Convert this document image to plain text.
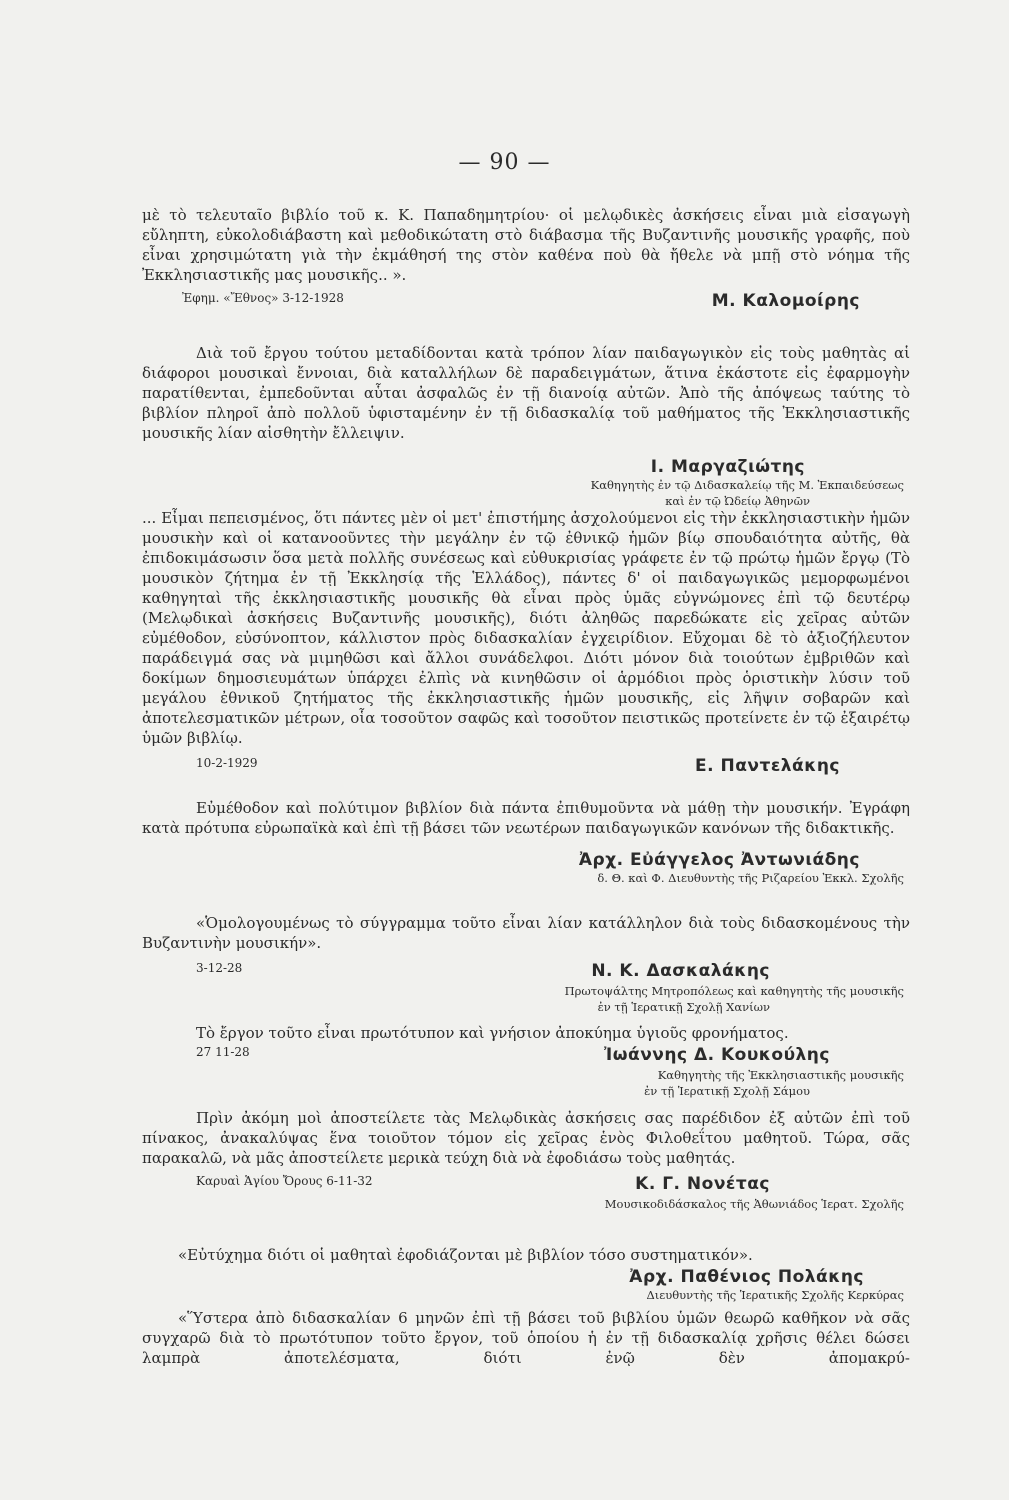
— 90 —

μὲ τὸ τελευταῖο βιβλίο τοῦ κ. Κ. Παπαδημητρίου· οἱ μελῳδικὲς ἀσκήσεις εἶναι μιὰ εἰσαγωγὴ εὔληπτη, εὐκολοδιάβαστη καὶ μεθοδικώτατη στὸ διάβασμα τῆς Βυζαντινῆς μουσικῆς γραφῆς, ποὺ εἶναι χρησιμώτατη γιὰ τὴν ἐκμάθησή της στὸν καθένα ποὺ θὰ ἤθελε νὰ μπῇ στὸ νόημα τῆς Ἐκκλησιαστικῆς μας μουσικῆς.. ».

Ἐφημ. «Ἔθνος» 3-12-1928	Μ. Καλομοίρης

Διὰ τοῦ ἔργου τούτου μεταδίδονται κατὰ τρόπον λίαν παιδαγωγικὸν εἰς τοὺς μαθητὰς αἱ διάφοροι μουσικαὶ ἔννοιαι, διὰ καταλλήλων δὲ παραδειγμάτων, ἅτινα ἑκάστοτε εἰς ἐφαρμογὴν παρατίθενται, ἐμπεδοῦνται αὗται ἀσφαλῶς ἐν τῇ διανοίᾳ αὐτῶν. Ἀπὸ τῆς ἀπόψεως ταύτης τὸ βιβλίον πληροῖ ἀπὸ πολλοῦ ὑφισταμένην ἐν τῇ διδασκαλίᾳ τοῦ μαθήματος τῆς Ἐκκλησιαστικῆς μουσικῆς λίαν αἰσθητὴν ἔλλειψιν.

Ι. Μαργαζιώτης
Καθηγητὴς ἐν τῷ Διδασκαλείῳ τῆς Μ. Ἐκπαιδεύσεως
καὶ ἐν τῷ Ὠδείῳ Ἀθηνῶν

... Εἶμαι πεπεισμένος, ὅτι πάντες μὲν οἱ μετ' ἐπιστήμης ἀσχολούμενοι εἰς τὴν ἐκκλησιαστικὴν ἡμῶν μουσικὴν καὶ οἱ κατανοοῦντες τὴν μεγάλην ἐν τῷ ἐθνικῷ ἡμῶν βίῳ σπουδαιότητα αὐτῆς, θὰ ἐπιδοκιμάσωσιν ὅσα μετὰ πολλῆς συνέσεως καὶ εὐθυκρισίας γράφετε ἐν τῷ πρώτῳ ἡμῶν ἔργῳ (Τὸ μουσικὸν ζήτημα ἐν τῇ Ἐκκλησίᾳ τῆς Ἑλλάδος), πάντες δ' οἱ παιδαγωγικῶς μεμορφωμένοι καθηγηταὶ τῆς ἐκκλησιαστικῆς μουσικῆς θὰ εἶναι πρὸς ὑμᾶς εὐγνώμονες ἐπὶ τῷ δευτέρῳ (Μελῳδικαὶ ἀσκήσεις Βυζαντινῆς μουσικῆς), διότι ἀληθῶς παρεδώκατε εἰς χεῖρας αὐτῶν εὐμέθοδον, εὐσύνοπτον, κάλλιστον πρὸς διδασκαλίαν ἐγχειρίδιον. Εὔχομαι δὲ τὸ ἀξιοζήλευτον παράδειγμά σας νὰ μιμηθῶσι καὶ ἄλλοι συνάδελφοι. Διότι μόνον διὰ τοιούτων ἐμβριθῶν καὶ δοκίμων δημοσιευμάτων ὑπάρχει ἐλπὶς νὰ κινηθῶσιν οἱ ἁρμόδιοι πρὸς ὁριστικὴν λύσιν τοῦ μεγάλου ἐθνικοῦ ζητήματος τῆς ἐκκλησιαστικῆς ἡμῶν μουσικῆς, εἰς λῆψιν σοβαρῶν καὶ ἀποτελεσματικῶν μέτρων, οἷα τοσοῦτον σαφῶς καὶ τοσοῦτον πειστικῶς προτείνετε ἐν τῷ ἐξαιρέτῳ ὑμῶν βιβλίῳ.

10-2-1929	Ε. Παντελάκης

Εὐμέθοδον καὶ πολύτιμον βιβλίον διὰ πάντα ἐπιθυμοῦντα νὰ μάθῃ τὴν μουσικήν. Ἐγράφη κατὰ πρότυπα εὐρωπαϊκὰ καὶ ἐπὶ τῇ βάσει τῶν νεωτέρων παιδαγωγικῶν κανόνων τῆς διδακτικῆς.

Ἀρχ. Εὐάγγελος Ἀντωνιάδης
δ. Θ. καὶ Φ. Διευθυντὴς τῆς Ριζαρείου Ἐκκλ. Σχολῆς

«Ὁμολογουμένως τὸ σύγγραμμα τοῦτο εἶναι λίαν κατάλληλον διὰ τοὺς διδασκομένους τὴν Βυζαντινὴν μουσικήν».

3-12-28	Ν. Κ. Δασκαλάκης
Πρωτοψάλτης Μητροπόλεως καὶ καθηγητὴς τῆς μουσικῆς
ἐν τῇ Ἱερατικῇ Σχολῇ Χανίων

Τὸ ἔργον τοῦτο εἶναι πρωτότυπον καὶ γνήσιον ἀποκύημα ὑγιοῦς φρονήματος.

27 11-28	Ἰωάννης Δ. Κουκούλης
Καθηγητὴς τῆς Ἐκκλησιαστικῆς μουσικῆς
ἐν τῇ Ἱερατικῇ Σχολῇ Σάμου

Πρὶν ἀκόμη μοὶ ἀποστείλετε τὰς Μελῳδικὰς ἀσκήσεις σας παρέδιδον ἐξ αὐτῶν ἐπὶ τοῦ πίνακος, ἀνακαλύψας ἕνα τοιοῦτον τόμον εἰς χεῖρας ἑνὸς Φιλοθεΐτου μαθητοῦ. Τώρα, σᾶς παρακαλῶ, νὰ μᾶς ἀποστείλετε μερικὰ τεύχη διὰ νὰ ἐφοδιάσω τοὺς μαθητάς.

Καρυαὶ Ἁγίου Ὄρους 6-11-32	Κ. Γ. Νονέτας
Μουσικοδιδάσκαλος τῆς Ἀθωνιάδος Ἱερατ. Σχολῆς

«Εὐτύχημα διότι οἱ μαθηταὶ ἐφοδιάζονται μὲ βιβλίον τόσο συστηματικόν».

Ἀρχ. Παθένιος Πολάκης
Διευθυντὴς τῆς Ἱερατικῆς Σχολῆς Κερκύρας

«Ὕστερα ἀπὸ διδασκαλίαν 6 μηνῶν ἐπὶ τῇ βάσει τοῦ βιβλίου ὑμῶν θεωρῶ καθῆκον νὰ σᾶς συγχαρῶ διὰ τὸ πρωτότυπον τοῦτο ἔργον, τοῦ ὁποίου ἡ ἐν τῇ διδασκαλίᾳ χρῆσις θέλει δώσει λαμπρὰ ἀποτελέσματα, διότι ἐνῷ δὲν ἀπομακρύ-
